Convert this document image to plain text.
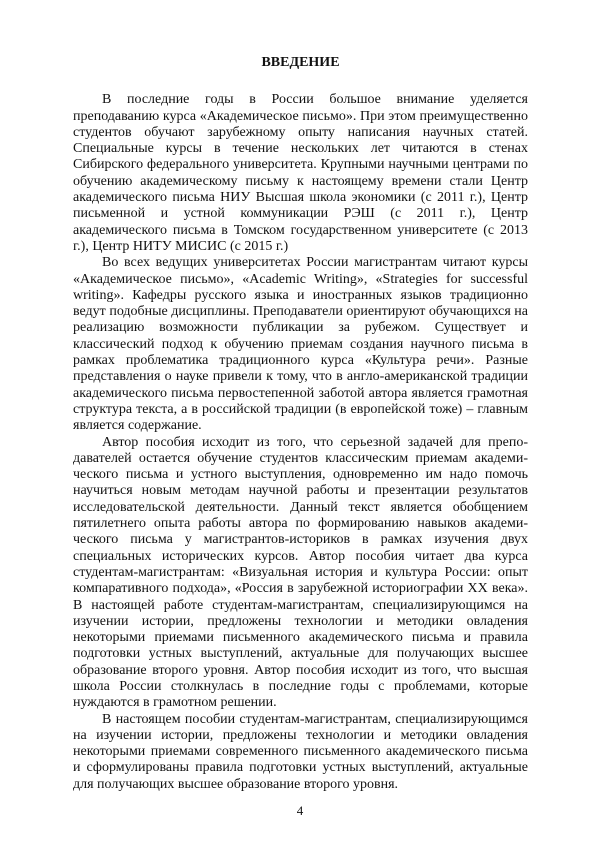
ВВЕДЕНИЕ

В последние годы в России большое внимание уделяется преподаванию курса «Академическое письмо». При этом преимущественно студентов обучают зарубежному опыту написания научных статей. Специальные курсы в течение нескольких лет читаются в стенах Сибирского федерального университета. Крупными научными центрами по обучению академическому письму к настоящему времени стали Центр академического письма НИУ Высшая школа экономики (с 2011 г.), Центр письменной и устной коммуникации РЭШ (с 2011 г.), Центр академического письма в Томском государственном университете (с 2013 г.), Центр НИТУ МИСИС (с 2015 г.)

Во всех ведущих университетах России магистрантам читают курсы «Академическое письмо», «Academic Writing», «Strategies for successful writing». Кафедры русского языка и иностранных языков традиционно ведут подобные дисциплины. Преподаватели ориентируют обучающихся на реализацию возможности публикации за рубежом. Существует и классический подход к обучению приемам создания научного письма в рамках проблематика традиционного курса «Культура речи». Разные представления о науке привели к тому, что в англо-американской традиции академического письма первостепенной заботой автора является грамотная структура текста, а в российской традиции (в европейской тоже) – главным является содержание.

Автор пособия исходит из того, что серьезной задачей для преподавателей остается обучение студентов классическим приемам академического письма и устного выступления, одновременно им надо помочь научиться новым методам научной работы и презентации результатов исследовательской деятельности. Данный текст является обобщением пятилетнего опыта работы автора по формированию навыков академического письма у магистрантов-историков в рамках изучения двух специальных исторических курсов. Автор пособия читает два курса студентам-магистрантам: «Визуальная история и культура России: опыт компаративного подхода», «Россия в зарубежной историографии XX века». В настоящей работе студентам-магистрантам, специализирующимся на изучении истории, предложены технологии и методики овладения некоторыми приемами письменного академического письма и правила подготовки устных выступлений, актуальные для получающих высшее образование второго уровня. Автор пособия исходит из того, что высшая школа России столкнулась в последние годы с проблемами, которые нуждаются в грамотном решении.

В настоящем пособии студентам-магистрантам, специализирующимся на изучении истории, предложены технологии и методики овладения некоторыми приемами современного письменного академического письма и сформулированы правила подготовки устных выступлений, актуальные для получающих высшее образование второго уровня.

4
